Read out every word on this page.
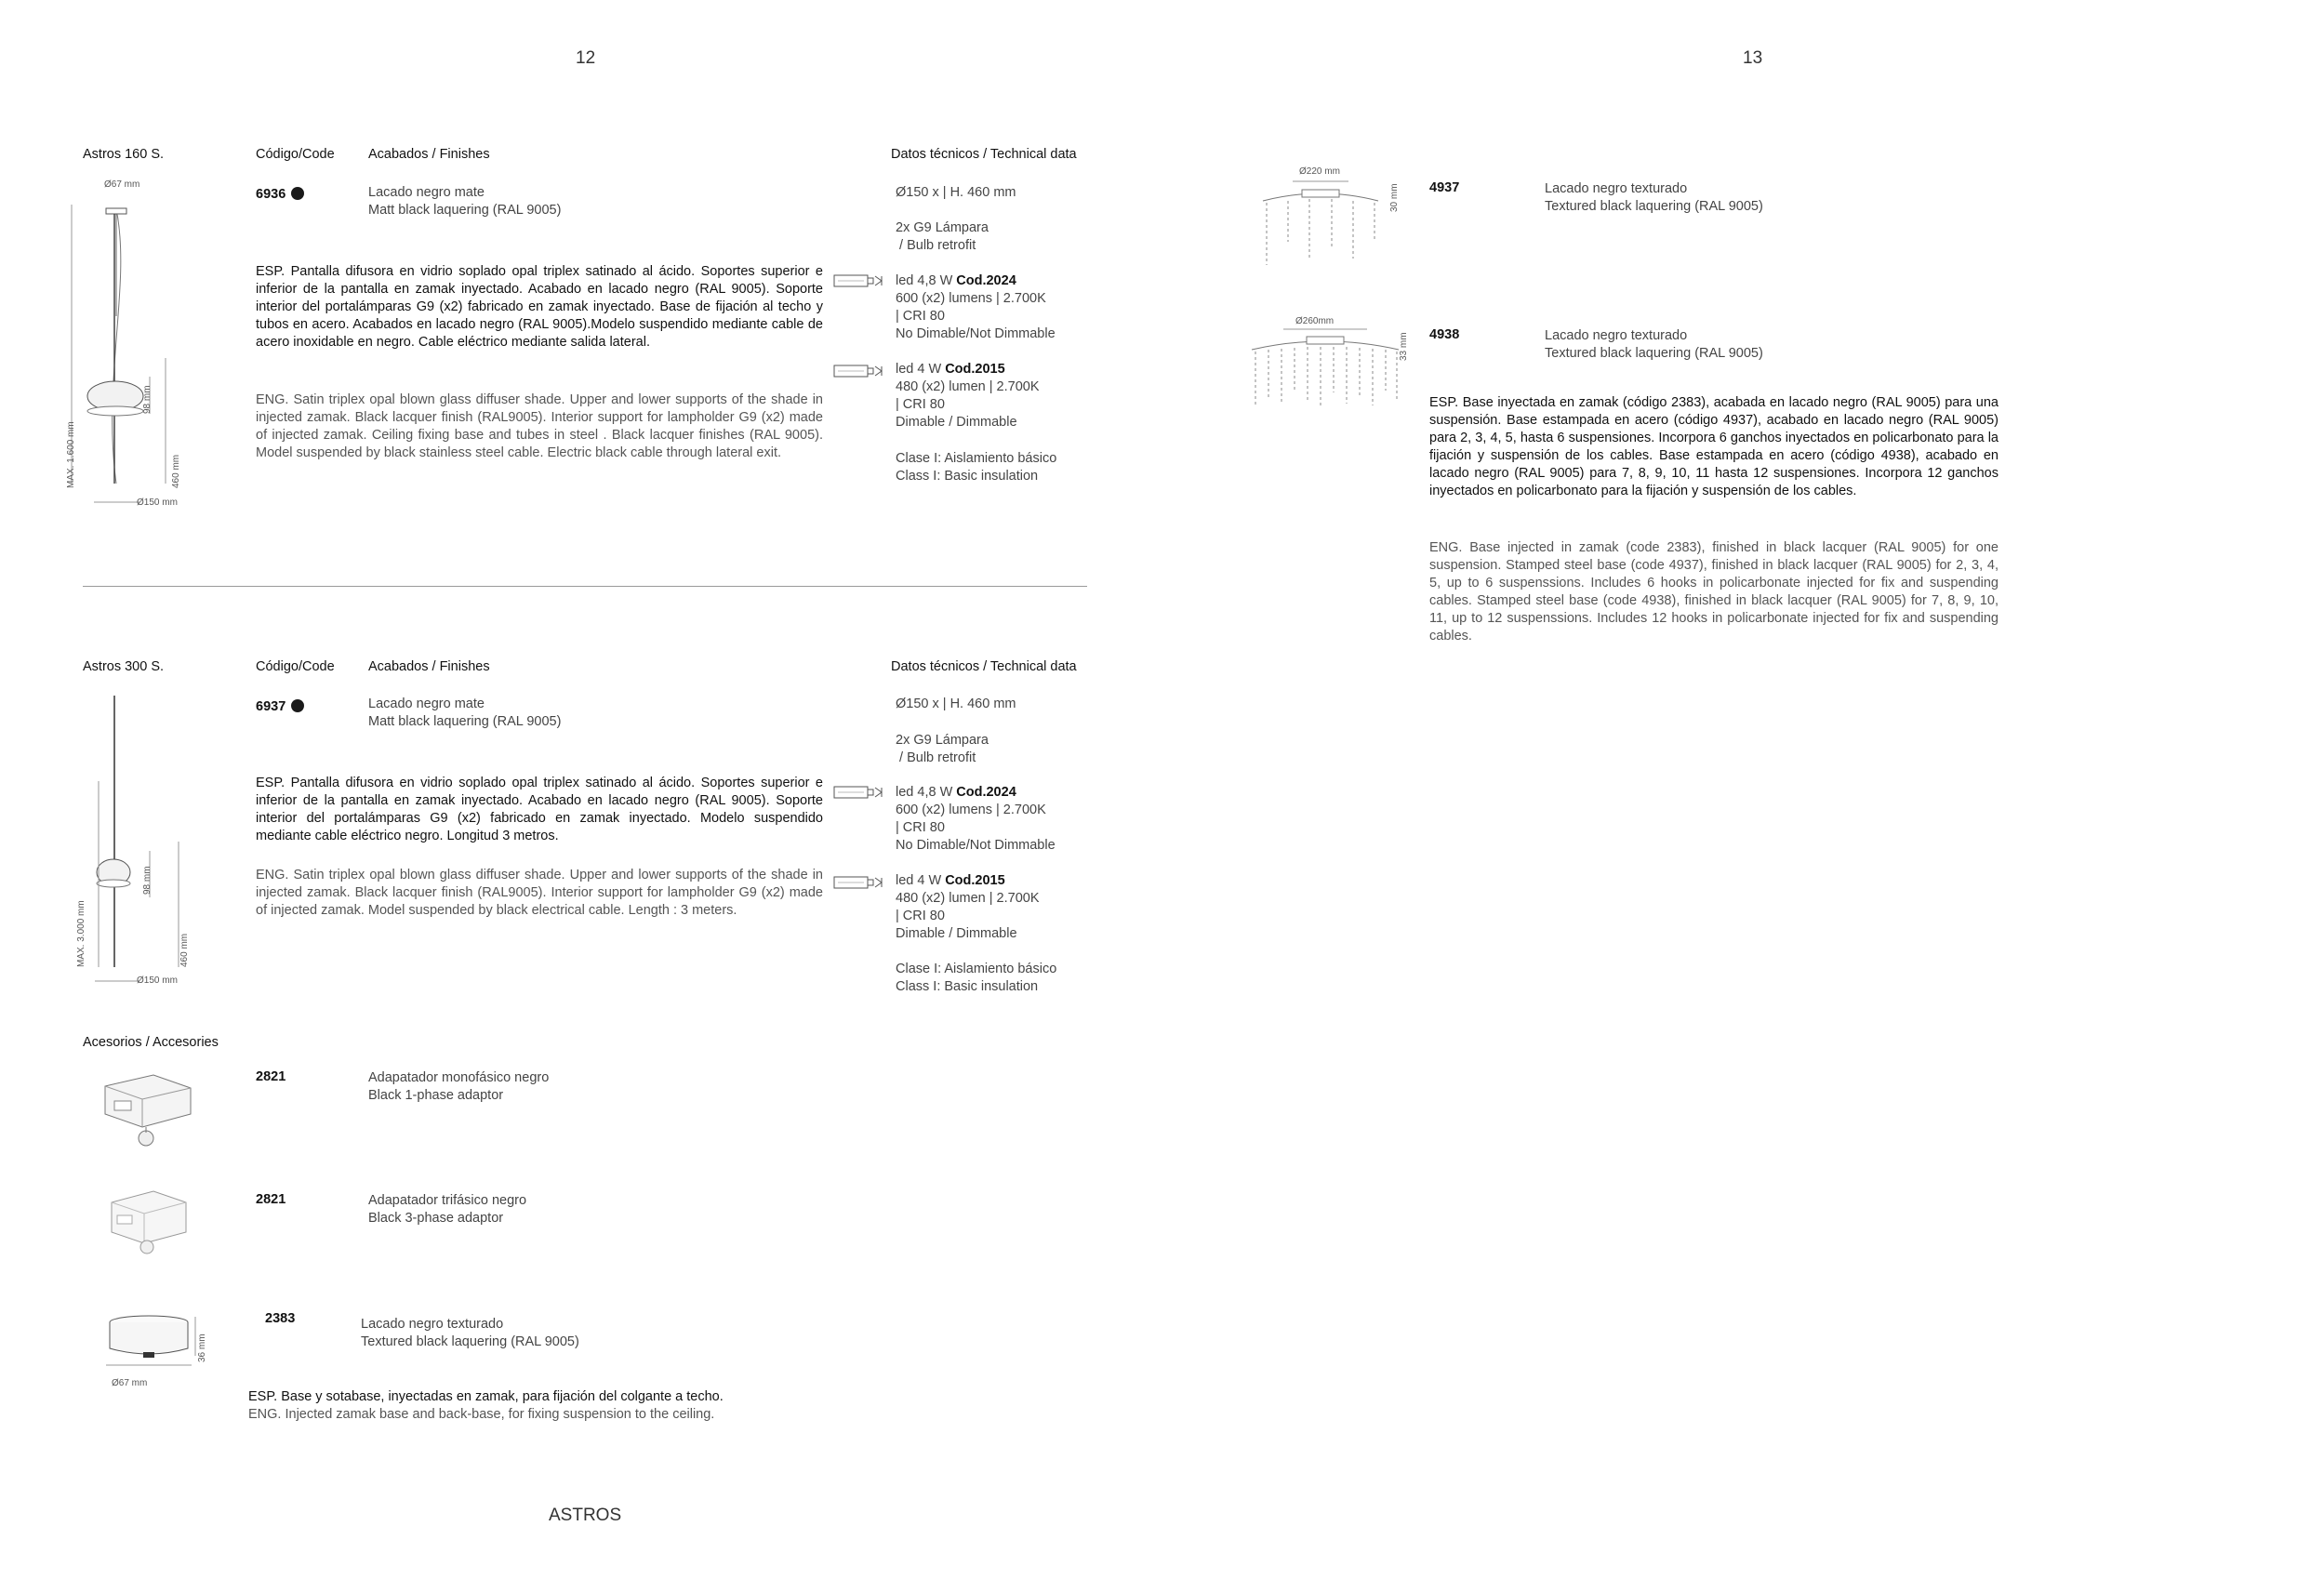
12	13
Astros 160 S.	Código/Code	Acabados / Finishes	Datos técnicos / Technical data
Ø67 mm
MAX. 1.600 mm
98 mm
460 mm
Ø150 mm
6936	Lacado negro mate
Matt black laquering (RAL 9005)
ESP. Pantalla difusora en vidrio soplado opal triplex satinado al ácido. Soportes superior e inferior de la pantalla en zamak inyectado. Acabado en lacado negro (RAL 9005). Soporte interior del portalámparas G9 (x2) fabricado en zamak inyectado. Base de fijación al techo y tubos en acero. Acabados en lacado negro (RAL 9005).Modelo suspendido mediante cable de acero inoxidable en negro. Cable eléctrico mediante salida lateral.
ENG. Satin triplex opal blown glass diffuser shade. Upper and lower supports of the shade in injected zamak. Black lacquer finish (RAL9005). Interior support for lampholder G9 (x2) made of injected zamak. Ceiling fixing base and tubes in steel . Black lacquer finishes (RAL 9005). Model suspended by black stainless steel cable. Electric black cable through lateral exit.
Ø150 x | H. 460 mm
2x G9 Lámpara
/ Bulb retrofit
led 4,8 W Cod.2024
600 (x2) lumens | 2.700K
| CRI 80
No Dimable/Not Dimmable
led 4 W Cod.2015
480 (x2) lumen | 2.700K
| CRI 80
Dimable / Dimmable
Clase I: Aislamiento básico
Class I: Basic insulation
Astros 300 S.	Código/Code	Acabados / Finishes	Datos técnicos / Technical data
MAX. 3.000 mm
98 mm
460 mm
Ø150 mm
6937	Lacado negro mate
Matt black laquering (RAL 9005)
ESP. Pantalla difusora en vidrio soplado opal triplex satinado al ácido. Soportes superior e inferior de la pantalla en zamak inyectado. Acabado en lacado negro (RAL 9005). Soporte interior del portalámparas G9 (x2) fabricado en zamak inyectado. Modelo suspendido mediante cable eléctrico negro. Longitud 3 metros.
ENG. Satin triplex opal blown glass diffuser shade. Upper and lower supports of the shade in injected zamak. Black lacquer finish (RAL9005). Interior support for lampholder G9 (x2) made of injected zamak. Model suspended by black electrical cable. Length : 3 meters.
Ø150 x | H. 460 mm
2x G9 Lámpara
/ Bulb retrofit
led 4,8 W Cod.2024
600 (x2) lumens | 2.700K
| CRI 80
No Dimable/Not Dimmable
led 4 W Cod.2015
480 (x2) lumen | 2.700K
| CRI 80
Dimable / Dimmable
Clase I: Aislamiento básico
Class I: Basic insulation
Acesorios / Accesories
2821	Adapatador monofásico negro
Black 1-phase adaptor
2821	Adapatador trifásico negro
Black 3-phase adaptor
36 mm
Ø67 mm
2383	Lacado negro texturado
Textured black laquering (RAL 9005)
ESP. Base y sotabase, inyectadas en zamak, para fijación del colgante a techo.
ENG. Injected zamak base and back-base, for fixing suspension to the ceiling.
ASTROS
Ø220 mm
30 mm 4937	Lacado negro texturado
Textured black laquering (RAL 9005)
Ø260mm
33 mm 4938	Lacado negro texturado
Textured black laquering (RAL 9005)
ESP. Base inyectada en zamak (código 2383), acabada en lacado negro (RAL 9005) para una suspensión. Base estampada en acero (código 4937), acabado en lacado negro (RAL 9005) para 2, 3, 4, 5, hasta 6 suspensiones. Incorpora 6 ganchos inyectados en policarbonato para la fijación y suspensión de los cables. Base estampada en acero (código 4938), acabado en lacado negro (RAL 9005) para 7, 8, 9, 10, 11 hasta 12 suspensiones. Incorpora 12 ganchos inyectados en policarbonato para la fijación y suspensión de los cables.
ENG. Base injected in zamak (code 2383), finished in black lacquer (RAL 9005) for one suspension. Stamped steel base (code 4937), finished in black lacquer (RAL 9005) for 2, 3, 4, 5, up to 6 suspenssions. Includes 6 hooks in policarbonate injected for fix and suspending cables. Stamped steel base (code 4938), finished in black lacquer (RAL 9005) for 7, 8, 9, 10, 11, up to 12 suspenssions. Includes 12 hooks in policarbonate injected for fix and suspending cables.
